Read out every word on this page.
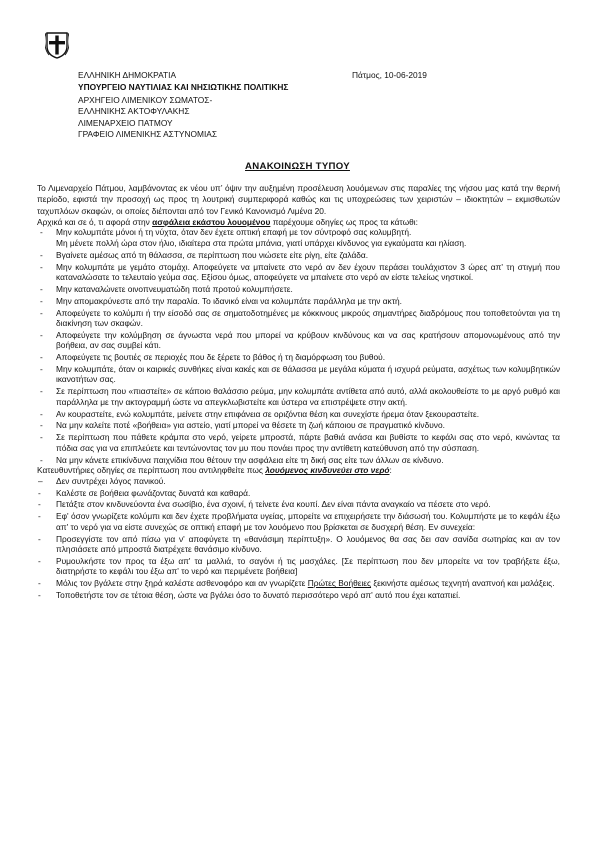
ΕΛΛΗΝΙΚΗ ΔΗΜΟΚΡΑΤΙΑ
ΥΠΟΥΡΓΕΙΟ ΝΑΥΤΙΛΙΑΣ ΚΑΙ ΝΗΣΙΩΤΙΚΗΣ ΠΟΛΙΤΙΚΗΣ
ΑΡΧΗΓΕΙΟ ΛΙΜΕΝΙΚΟΥ ΣΩΜΑΤΟΣ-
ΕΛΛΗΝΙΚΗΣ ΑΚΤΟΦΥΛΑΚΗΣ
ΛΙΜΕΝΑΡΧΕΙΟ ΠΑΤΜΟΥ
ΓΡΑΦΕΙΟ ΛΙΜΕΝΙΚΗΣ ΑΣΤΥΝΟΜΙΑΣ
Πάτμος, 10-06-2019
ΑΝΑΚΟΙΝΩΣΗ ΤΥΠΟΥ

Το Λιμεναρχείο Πάτμου, λαμβάνοντας εκ νέου υπ’ όψιν την αυξημένη προσέλευση λουόμενων στις παραλίες της νήσου μας κατά την θερινή περίοδο, εφιστά την προσοχή ως προς τη λουτρική συμπεριφορά καθώς και τις υποχρεώσεις των χειριστών – ιδιοκτητών – εκμισθωτών ταχυπλόων σκαφών, οι οποίες διέπονται από τον Γενικό Κανονισμό Λιμένα 20.

Αρχικά και σε ό, τι αφορά στην ασφάλεια εκάστου λουομένου παρέχουμε οδηγίες ως προς τα κάτωθι:

- Μην κολυμπάτε μόνοι ή τη νύχτα, όταν δεν έχετε οπτική επαφή με τον σύντροφό σας κολυμβητή.
Μη μένετε πολλή ώρα στον ήλιο, ιδιαίτερα στα πρώτα μπάνια, γιατί υπάρχει κίνδυνος για εγκαύματα και ηλίαση.
- Βγαίνετε αμέσως από τη θάλασσα, σε περίπτωση που νιώσετε είτε ρίγη, είτε ζαλάδα.
- Μην κολυμπάτε με γεμάτο στομάχι. Αποφεύγετε να μπαίνετε στο νερό αν δεν έχουν περάσει τουλάχιστον 3 ώρες απ' τη στιγμή που καταναλώσατε το τελευταίο γεύμα σας. Εξίσου όμως, αποφεύγετε να μπαίνετε στο νερό αν είστε τελείως νηστικοί.
- Μην καταναλώνετε οινοπνευματώδη ποτά προτού κολυμπήσετε.
- Μην απομακρύνεστε από την παραλία. Το ιδανικό είναι να κολυμπάτε παράλληλα με την ακτή.
- Αποφεύγετε το κολύμπι ή την είσοδό σας σε σηματοδοτημένες με κόκκινους μικρούς σημαντήρες διαδρόμους που τοποθετούνται για τη διακίνηση των σκαφών.
- Αποφεύγετε την κολύμβηση σε άγνωστα νερά που μπορεί να κρύβουν κινδύνους και να σας κρατήσουν απομονωμένους από την βοήθεια, αν σας συμβεί κάτι.
- Αποφεύγετε τις βουτιές σε περιοχές που δε ξέρετε το βάθος ή τη διαμόρφωση του βυθού.
- Μην κολυμπάτε, όταν οι καιρικές συνθήκες είναι κακές και σε θάλασσα με μεγάλα κύματα ή ισχυρά ρεύματα, ασχέτως των κολυμβητικών ικανοτήτων σας.
- Σε περίπτωση που «πιαστείτε» σε κάποιο θαλάσσιο ρεύμα, μην κολυμπάτε αντίθετα από αυτό, αλλά ακολουθείστε το με αργό ρυθμό και παράλληλα με την ακτογραμμή ώστε να απεγκλωβιστείτε και ύστερα να επιστρέψετε στην ακτή.
- Αν κουραστείτε, ενώ κολυμπάτε, μείνετε στην επιφάνεια σε οριζόντια θέση και συνεχίστε ήρεμα όταν ξεκουραστείτε.
- Να μην καλείτε ποτέ «βοήθεια» για αστείο, γιατί μπορεί να θέσετε τη ζωή κάποιου σε πραγματικό κίνδυνο.
- Σε περίπτωση που πάθετε κράμπα στο νερό, γείρετε μπροστά, πάρτε βαθιά ανάσα και βυθίστε το κεφάλι σας στο νερό, κινώντας τα πόδια σας για να επιπλεύετε και τεντώνοντας τον μυ που πονάει προς την αντίθετη κατεύθυνση από την σύσπαση.
- Να μην κάνετε επικίνδυνα παιχνίδια που θέτουν την ασφάλεια είτε τη δική σας είτε των άλλων σε κίνδυνο.

Κατευθυντήριες οδηγίες σε περίπτωση που αντιληφθείτε πως λουόμενος κινδυνεύει στο νερό:

– Δεν συντρέχει λόγος πανικού.
- Καλέστε σε βοήθεια φωνάζοντας δυνατά και καθαρά.
- Πετάξτε στον κινδυνεύοντα ένα σωσίβιο, ένα σχοινί, ή τείνετε ένα κουπί. Δεν είναι πάντα αναγκαίο να πέσετε στο νερό.
- Εφ' όσον γνωρίζετε κολύμπι και δεν έχετε προβλήματα υγείας, μπορείτε να επιχειρήσετε την διάσωσή του. Κολυμπήστε με το κεφάλι έξω απ' το νερό για να είστε συνεχώς σε οπτική επαφή με τον λουόμενο που βρίσκεται σε δυσχερή θέση. Εν συνεχεία:
- Προσεγγίστε τον από πίσω για ν' αποφύγετε τη «θανάσιμη περίπτυξη». Ο λουόμενος θα σας δει σαν σανίδα σωτηρίας και αν τον πλησιάσετε από μπροστά διατρέχετε θανάσιμο κίνδυνο.
- Ρυμουλκήστε τον προς τα έξω απ' τα μαλλιά, το σαγόνι ή τις μασχάλες. [Σε περίπτωση που δεν μπορείτε να τον τραβήξετε έξω, διατηρήστε το κεφάλι του έξω απ' το νερό και περιμένετε βοήθεια]
- Μόλις τον βγάλετε στην ξηρά καλέστε ασθενοφόρο και αν γνωρίζετε Πρώτες Βοήθειες ξεκινήστε αμέσως τεχνητή αναπνοή και μαλάξεις.
- Τοποθετήστε τον σε τέτοια θέση, ώστε να βγάλει όσο το δυνατό περισσότερο νερό απ' αυτό που έχει καταπιεί.
